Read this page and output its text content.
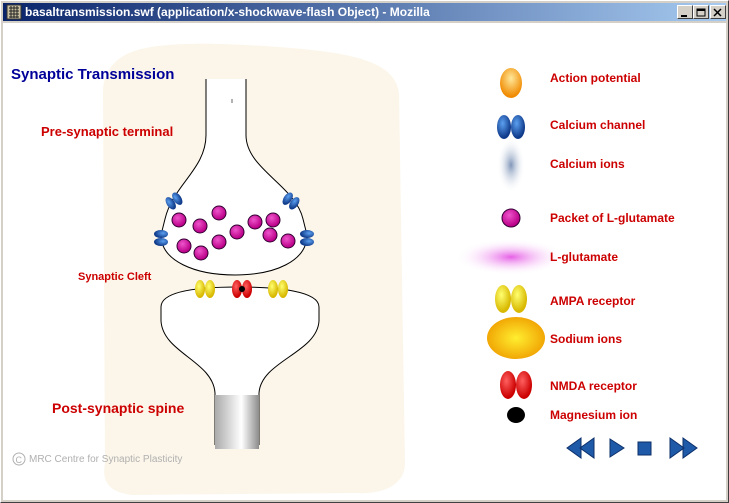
basaltransmission.swf (application/x-shockwave-flash Object) - Mozilla
C
Synaptic Transmission
Pre-synaptic terminal
Synaptic Cleft
Post-synaptic spine
MRC Centre for Synaptic Plasticity
Action potential
Calcium channel
Calcium ions
Packet of L-glutamate
L-glutamate
AMPA receptor
Sodium ions
NMDA receptor
Magnesium ion
